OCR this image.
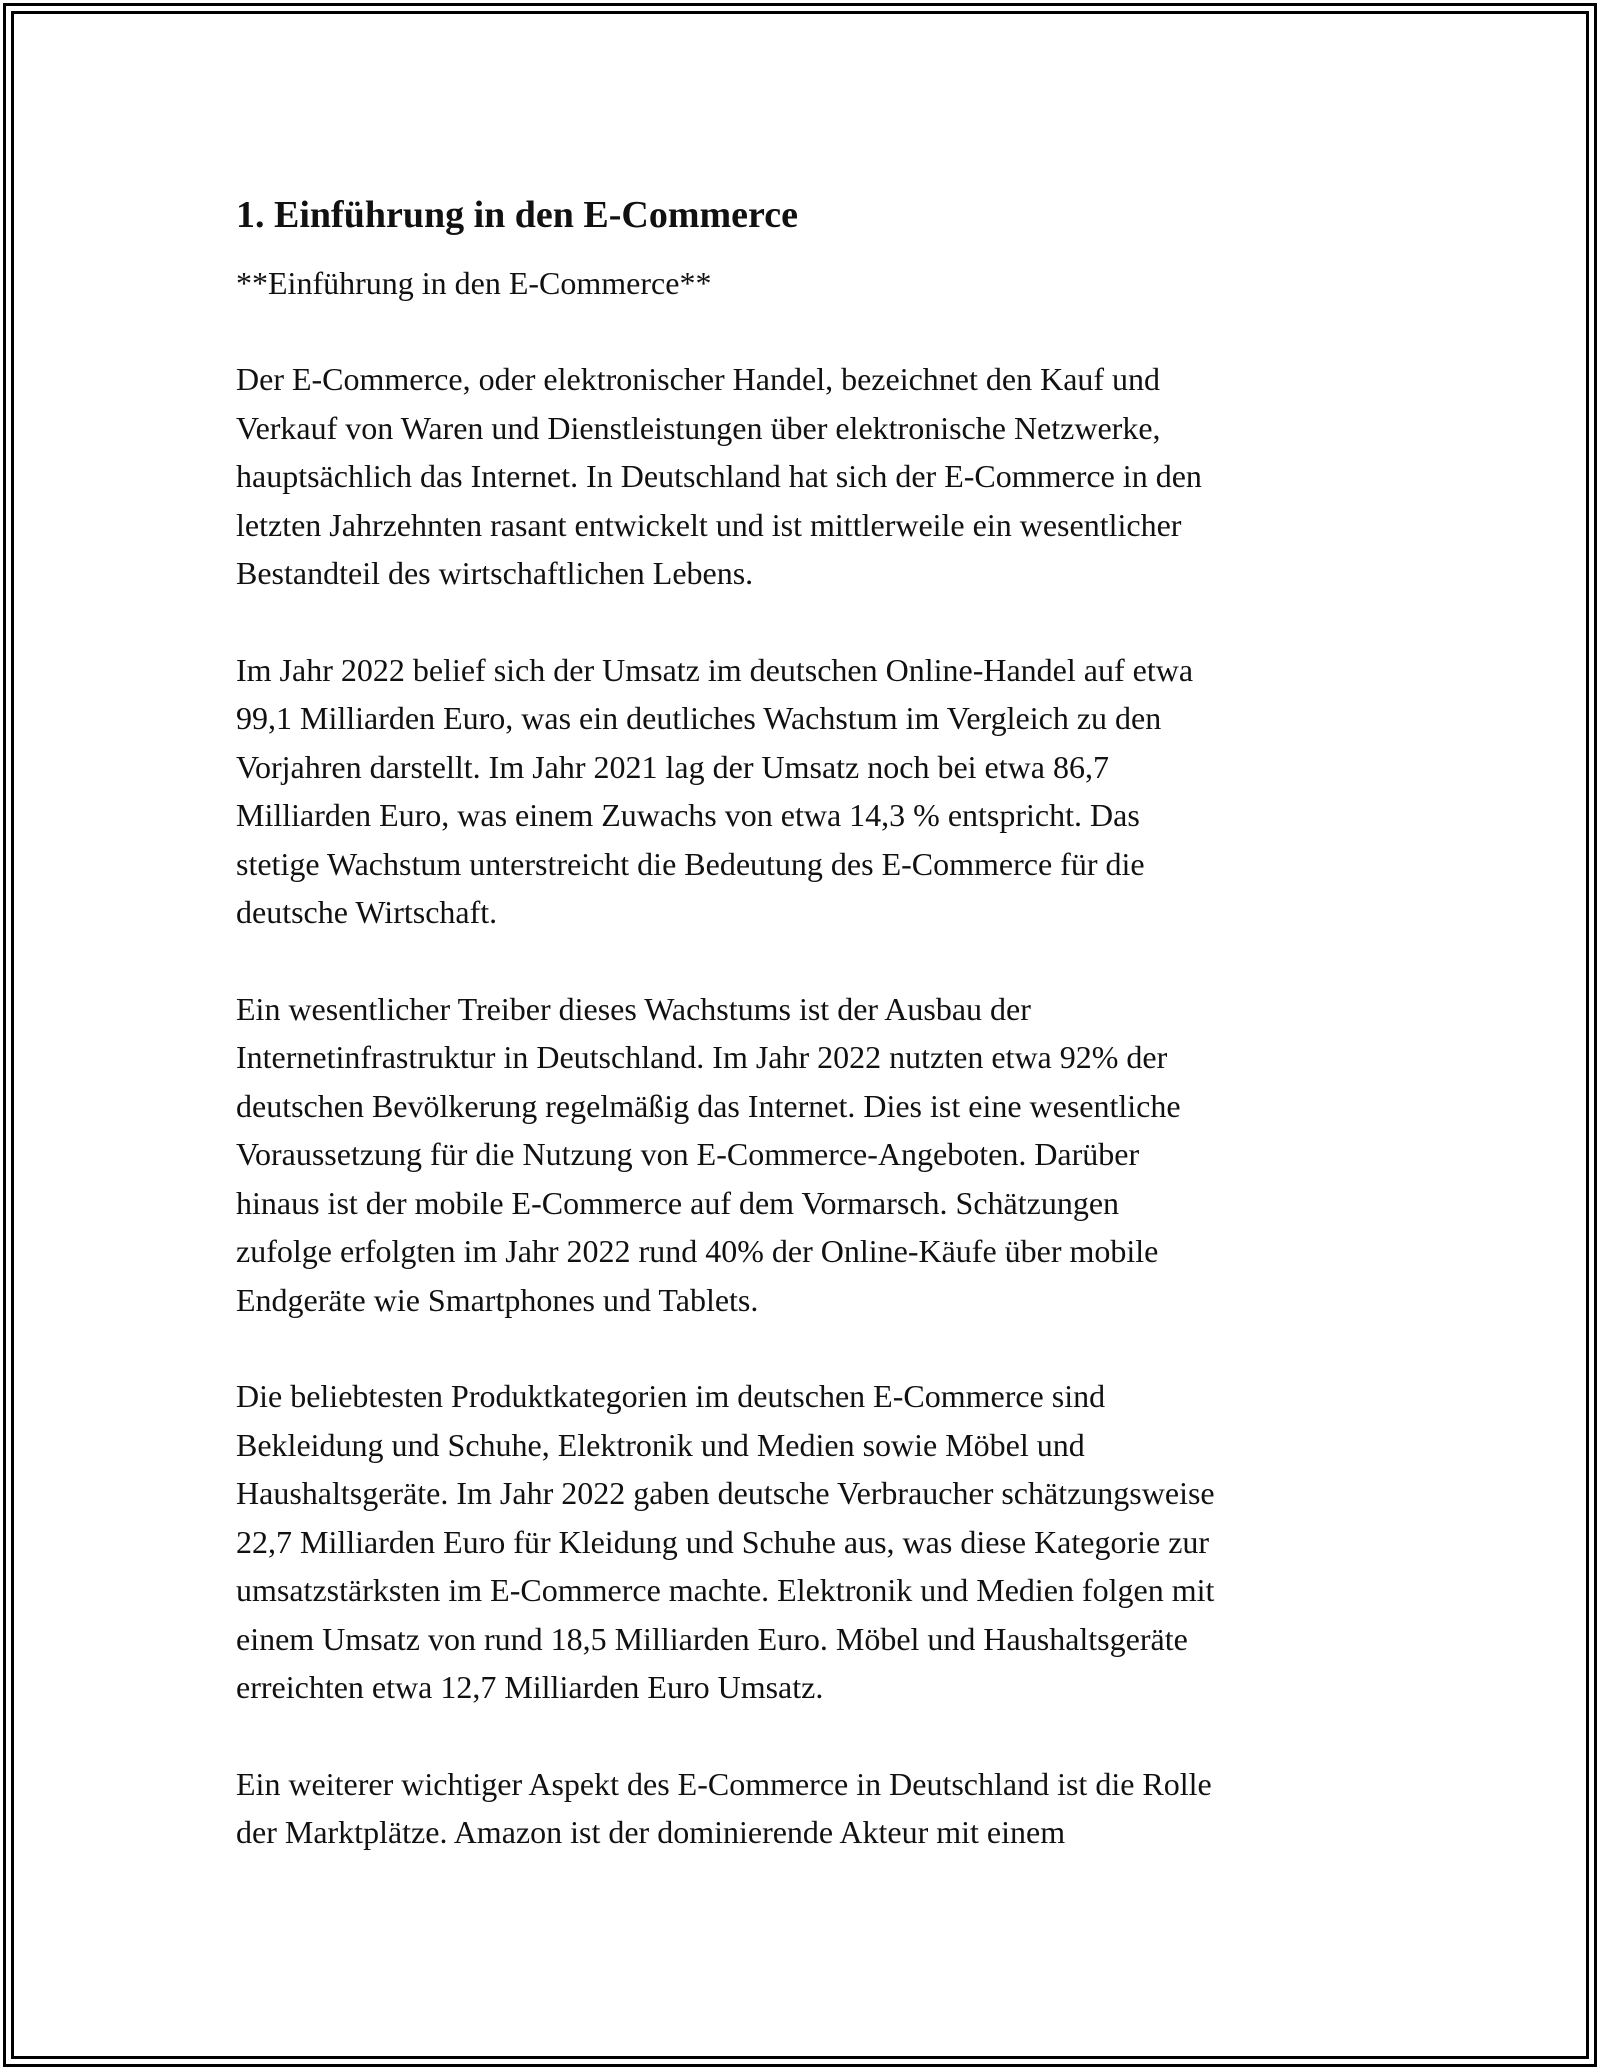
1. Einführung in den E-Commerce

**Einführung in den E-Commerce**

Der E-Commerce, oder elektronischer Handel, bezeichnet den Kauf und
Verkauf von Waren und Dienstleistungen über elektronische Netzwerke,
hauptsächlich das Internet. In Deutschland hat sich der E-Commerce in den
letzten Jahrzehnten rasant entwickelt und ist mittlerweile ein wesentlicher
Bestandteil des wirtschaftlichen Lebens.

Im Jahr 2022 belief sich der Umsatz im deutschen Online-Handel auf etwa
99,1 Milliarden Euro, was ein deutliches Wachstum im Vergleich zu den
Vorjahren darstellt. Im Jahr 2021 lag der Umsatz noch bei etwa 86,7
Milliarden Euro, was einem Zuwachs von etwa 14,3 % entspricht. Das
stetige Wachstum unterstreicht die Bedeutung des E-Commerce für die
deutsche Wirtschaft.

Ein wesentlicher Treiber dieses Wachstums ist der Ausbau der
Internetinfrastruktur in Deutschland. Im Jahr 2022 nutzten etwa 92% der
deutschen Bevölkerung regelmäßig das Internet. Dies ist eine wesentliche
Voraussetzung für die Nutzung von E-Commerce-Angeboten. Darüber
hinaus ist der mobile E-Commerce auf dem Vormarsch. Schätzungen
zufolge erfolgten im Jahr 2022 rund 40% der Online-Käufe über mobile
Endgeräte wie Smartphones und Tablets.

Die beliebtesten Produktkategorien im deutschen E-Commerce sind
Bekleidung und Schuhe, Elektronik und Medien sowie Möbel und
Haushaltsgeräte. Im Jahr 2022 gaben deutsche Verbraucher schätzungsweise
22,7 Milliarden Euro für Kleidung und Schuhe aus, was diese Kategorie zur
umsatzstärksten im E-Commerce machte. Elektronik und Medien folgen mit
einem Umsatz von rund 18,5 Milliarden Euro. Möbel und Haushaltsgeräte
erreichten etwa 12,7 Milliarden Euro Umsatz.

Ein weiterer wichtiger Aspekt des E-Commerce in Deutschland ist die Rolle
der Marktplätze. Amazon ist der dominierende Akteur mit einem
